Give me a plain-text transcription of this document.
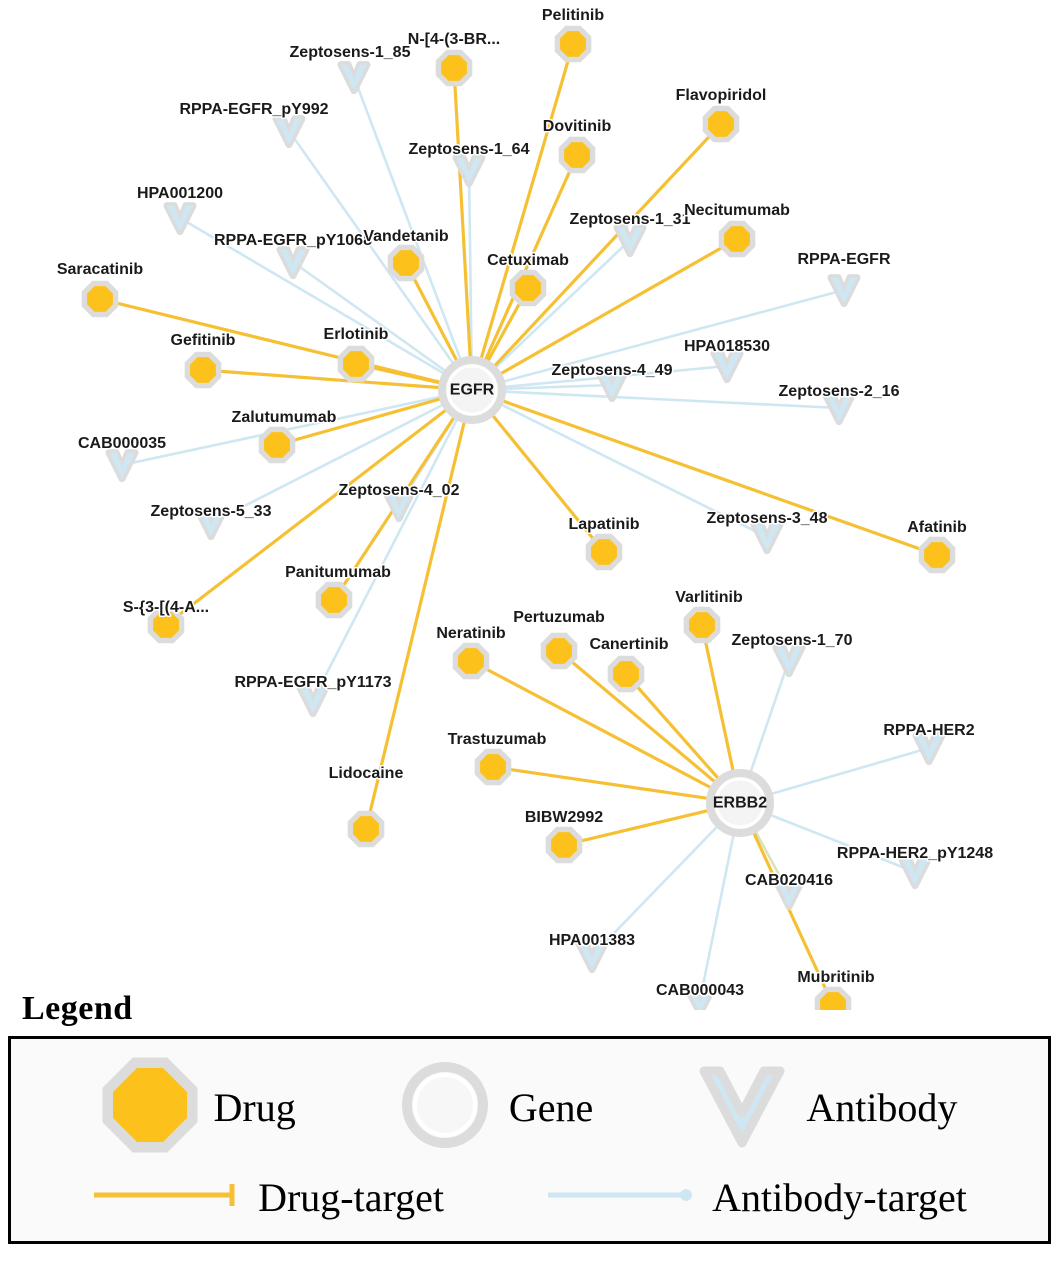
Zeptosens-1_85
RPPA-EGFR_pY992
Zeptosens-1_64
HPA001200
Zeptosens-1_31
RPPA-EGFR_pY1068
RPPA-EGFR
HPA018530
Zeptosens-4_49
Zeptosens-2_16
CAB000035
Zeptosens-5_33
Zeptosens-4_02
Zeptosens-3_48
Zeptosens-1_70
RPPA-EGFR_pY1173
RPPA-HER2
RPPA-HER2_pY1248
CAB020416
HPA001383
CAB000043
Pelitinib
N-[4-(3-BR...
Flavopiridol
Dovitinib
Necitumumab
Vandetanib
Cetuximab
Saracatinib
Erlotinib
Gefitinib
Zalutumumab
Panitumumab
S-{3-[(4-A...
Lapatinib
Varlitinib
Afatinib
Pertuzumab
Canertinib
Neratinib
Trastuzumab
Lidocaine
BIBW2992
Mubritinib
EGFR
ERBB2
Legend
Drug	Gene	Antibody
Drug-target	Antibody-target
